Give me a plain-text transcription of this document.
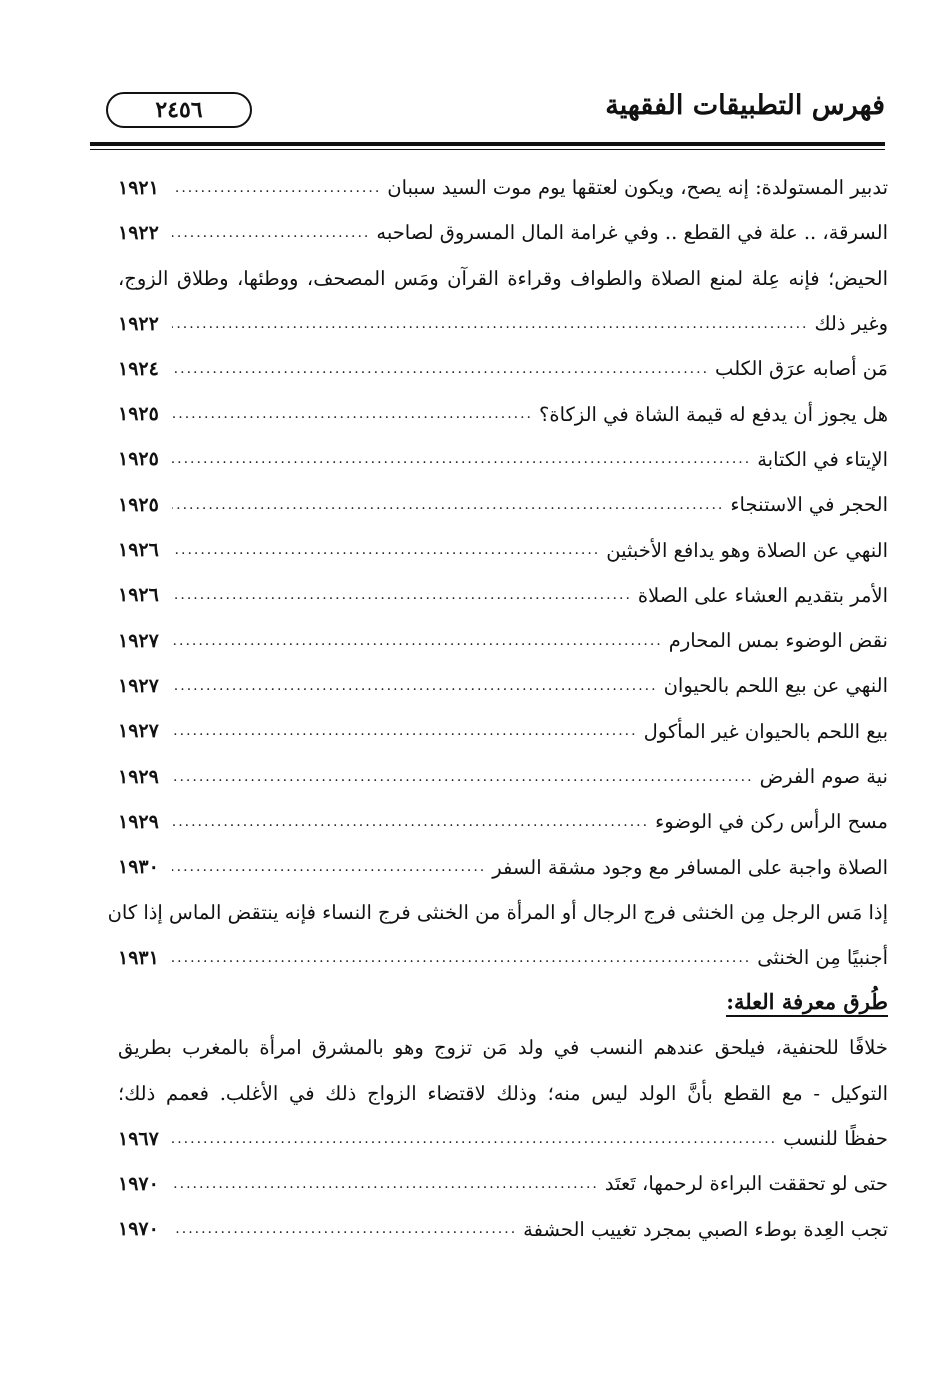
فهرس التطبيقات الفقهية
٢٤٥٦
تدبير المستولدة: إنه يصح، ويكون لعتقها يوم موت السيد سببان
.....
١٩٢١
السرقة، .. علة في القطع .. وفي غرامة المال المسروق لصاحبه
.....
١٩٢٢
الحيض؛ فإنه عِلة لمنع الصلاة والطواف وقراءة القرآن ومَس المصحف، ووطئها، وطلاق الزوج،
وغير ذلك
.....
١٩٢٢
مَن أصابه عرَق الكلب
.....
١٩٢٤
هل يجوز أن يدفع له قيمة الشاة في الزكاة؟
.....
١٩٢٥
الإيتاء في الكتابة
.....
١٩٢٥
الحجر في الاستنجاء
.....
١٩٢٥
النهي عن الصلاة وهو يدافع الأخبثين
.....
١٩٢٦
الأمر بتقديم العشاء على الصلاة
.....
١٩٢٦
نقض الوضوء بمس المحارم
.....
١٩٢٧
النهي عن بيع اللحم بالحيوان
.....
١٩٢٧
بيع اللحم بالحيوان غير المأكول
.....
١٩٢٧
نية صوم الفرض
.....
١٩٢٩
مسح الرأس ركن في الوضوء
.....
١٩٢٩
الصلاة واجبة على المسافر مع وجود مشقة السفر
.....
١٩٣٠
إذا مَس الرجل مِن الخنثى فرج الرجال أو المرأة من الخنثى فرج النساء فإنه ينتقض الماس إذا كان
أجنبيًا مِن الخنثى
.....
١٩٣١
طُرق معرفة العلة:
خلافًا للحنفية، فيلحق عندهم النسب في ولد مَن تزوج وهو بالمشرق امرأة بالمغرب بطريق
التوكيل - مع القطع بأنَّ الولد ليس منه؛ وذلك لاقتضاء الزواج ذلك في الأغلب. فعمم ذلك؛
حفظًا للنسب
.....
١٩٦٧
حتى لو تحققت البراءة لرحمها، تَعتَد
.....
١٩٧٠
تجب العِدة بوطء الصبي بمجرد تغييب الحشفة
.....
١٩٧٠
